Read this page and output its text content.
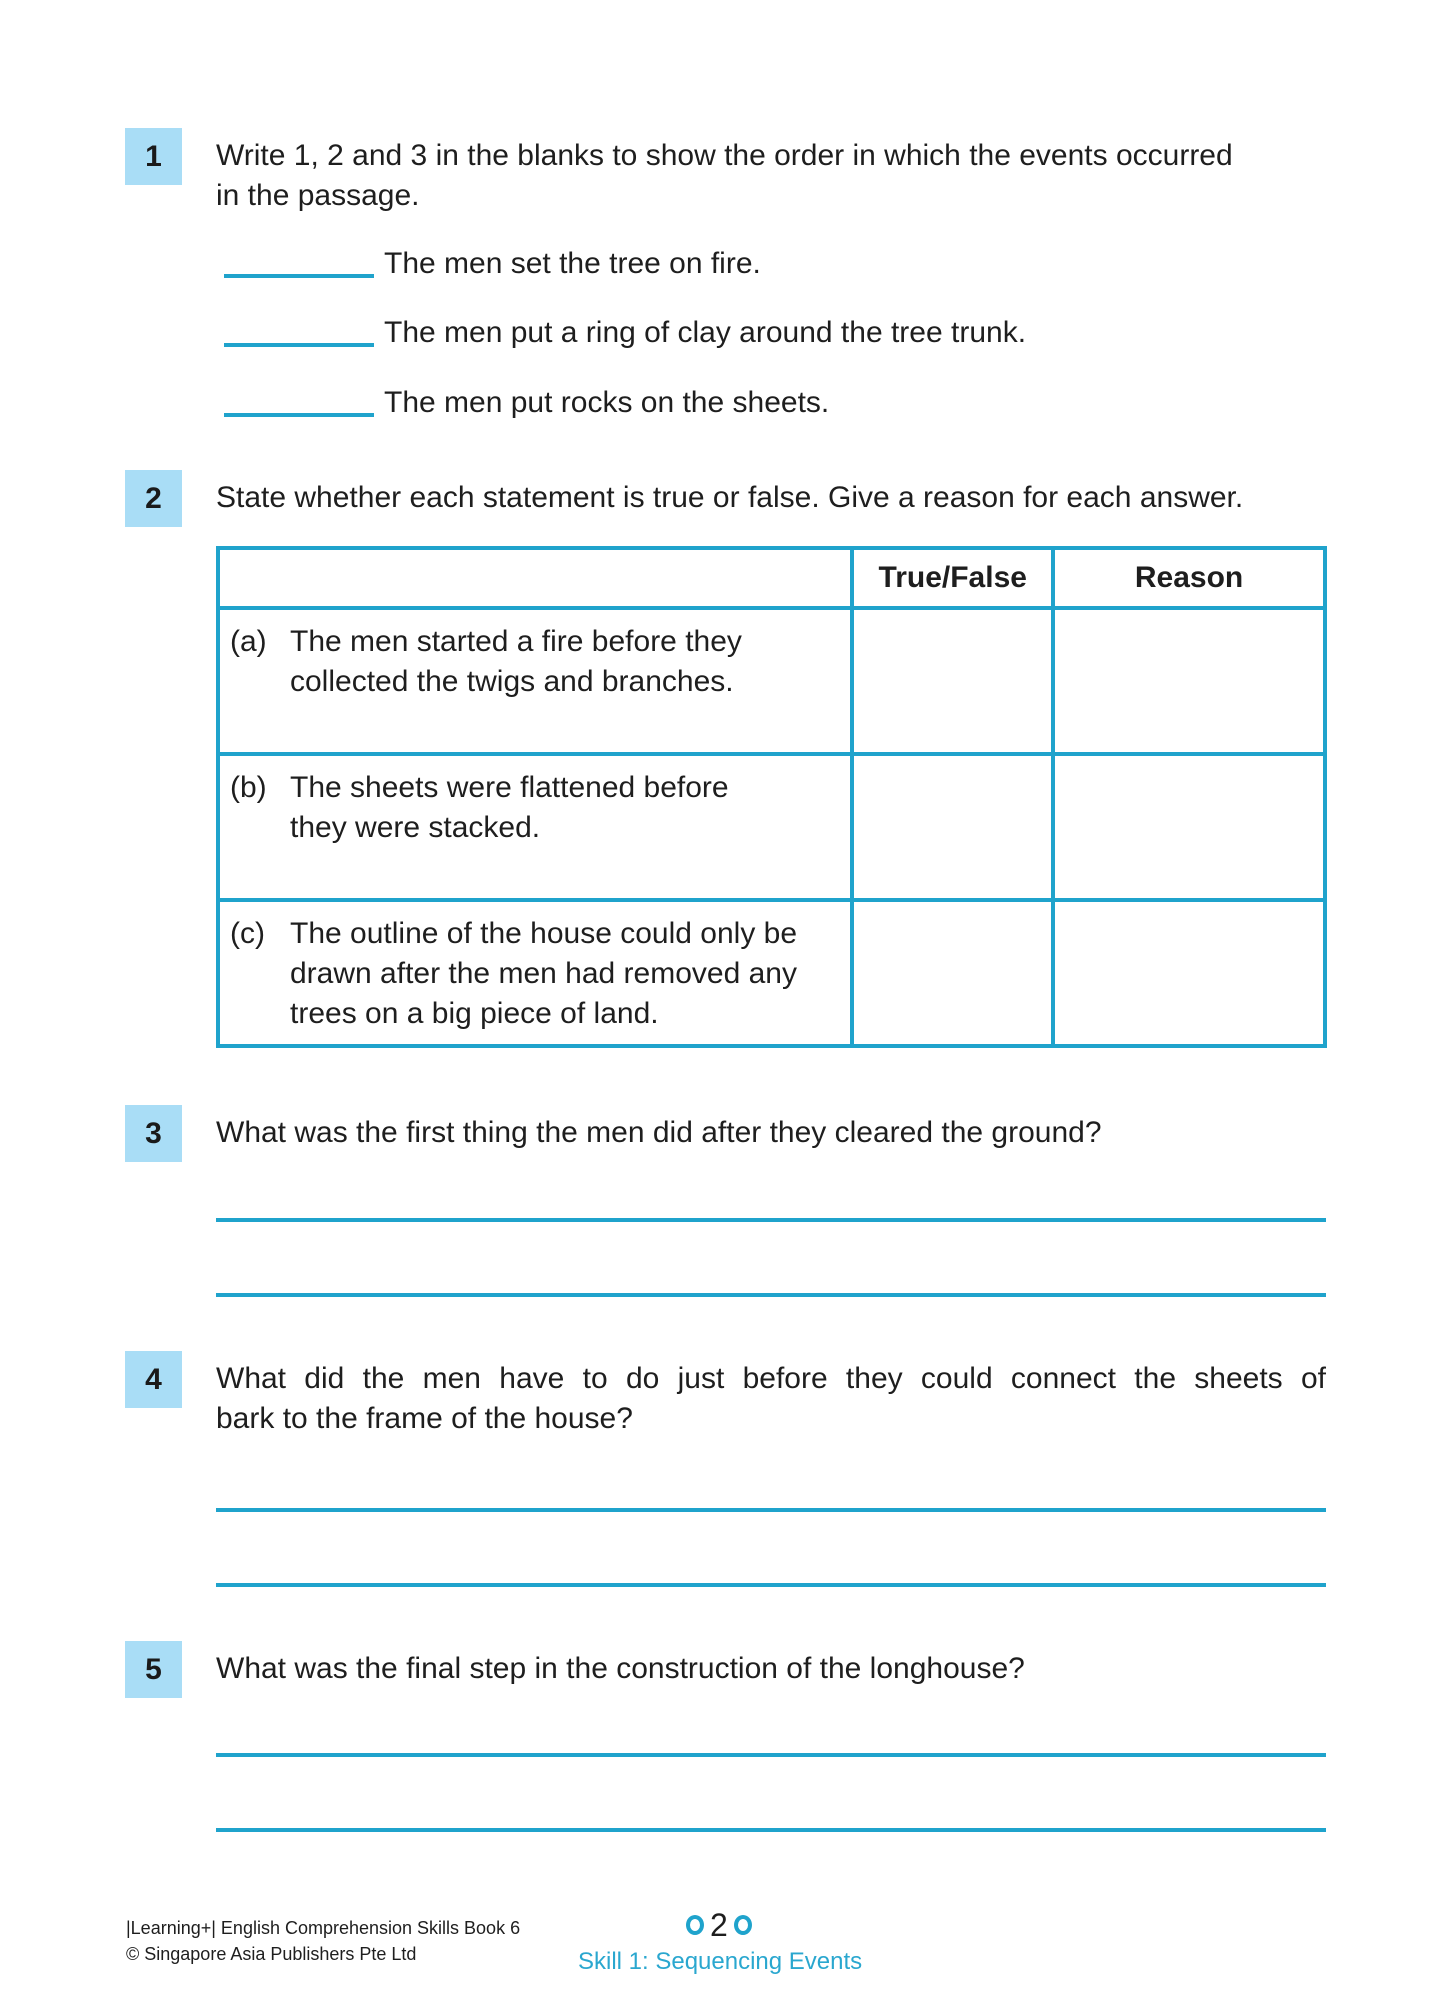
1	Write 1, 2 and 3 in the blanks to show the order in which the events occurred
in the passage.
The men set the tree on fire.
The men put a ring of clay around the tree trunk.
The men put rocks on the sheets.
2	State whether each statement is true or false. Give a reason for each answer.
	True/False	Reason

(a) The men started a fire before they collected the twigs and branches.		

(b) The sheets were flattened before they were stacked.		

(c) The outline of the house could only be drawn after the men had removed any trees on a big piece of land.		

3	What was the first thing the men did after they cleared the ground?
4	What did the men have to do just before they could connect the sheets of
bark to the frame of the house?
5	What was the final step in the construction of the longhouse?
|Learning+| English Comprehension Skills Book 6
© Singapore Asia Publishers Pte Ltd
2
Skill 1: Sequencing Events
